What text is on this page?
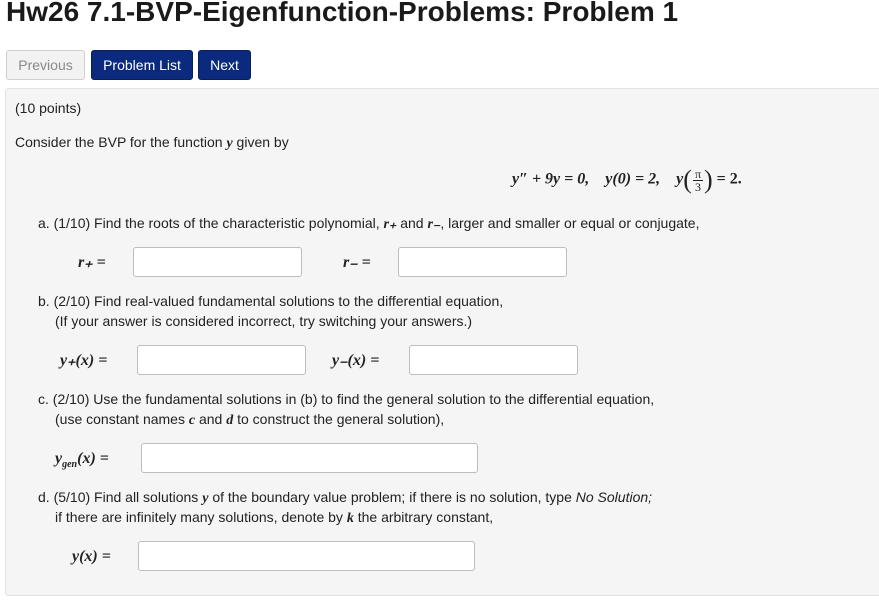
Hw26 7.1-BVP-Eigenfunction-Problems: Problem 1
Previous	Problem List	Next
(10 points)
Consider the BVP for the function y given by
y″ + 9y = 0, y(0) = 2, $y( \frac{\pi}{3}$ ) = 2.
a. (1/10) Find the roots of the characteristic polynomial, r₊ and r₋, larger and smaller or equal or conjugate,
r₊ =	r₋ =
b. (2/10) Find real-valued fundamental solutions to the differential equation,
(If your answer is considered incorrect, try switching your answers.)
y₊(x) =	y₋(x) =
c. (2/10) Use the fundamental solutions in (b) to find the general solution to the differential equation,
(use constant names c and d to construct the general solution),
$y_{gen}(x)$ =
d. (5/10) Find all solutions y of the boundary value problem; if there is no solution, type No Solution;
if there are infinitely many solutions, denote by k the arbitrary constant,
y(x) =
